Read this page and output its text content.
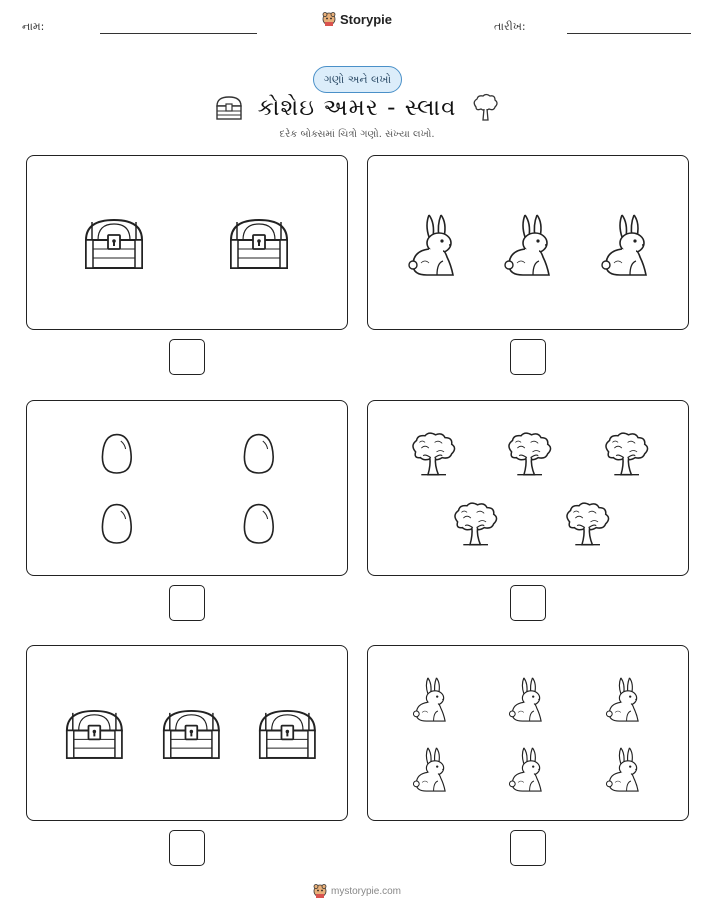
નામ:	Storypie	તારીખ:
ગણો અને લખો
કોશેઇ અમર - સ્લાવ
દરેક બોક્સમાં ચિત્રો ગણો. સંખ્યા લખો.
mystorypie.com
